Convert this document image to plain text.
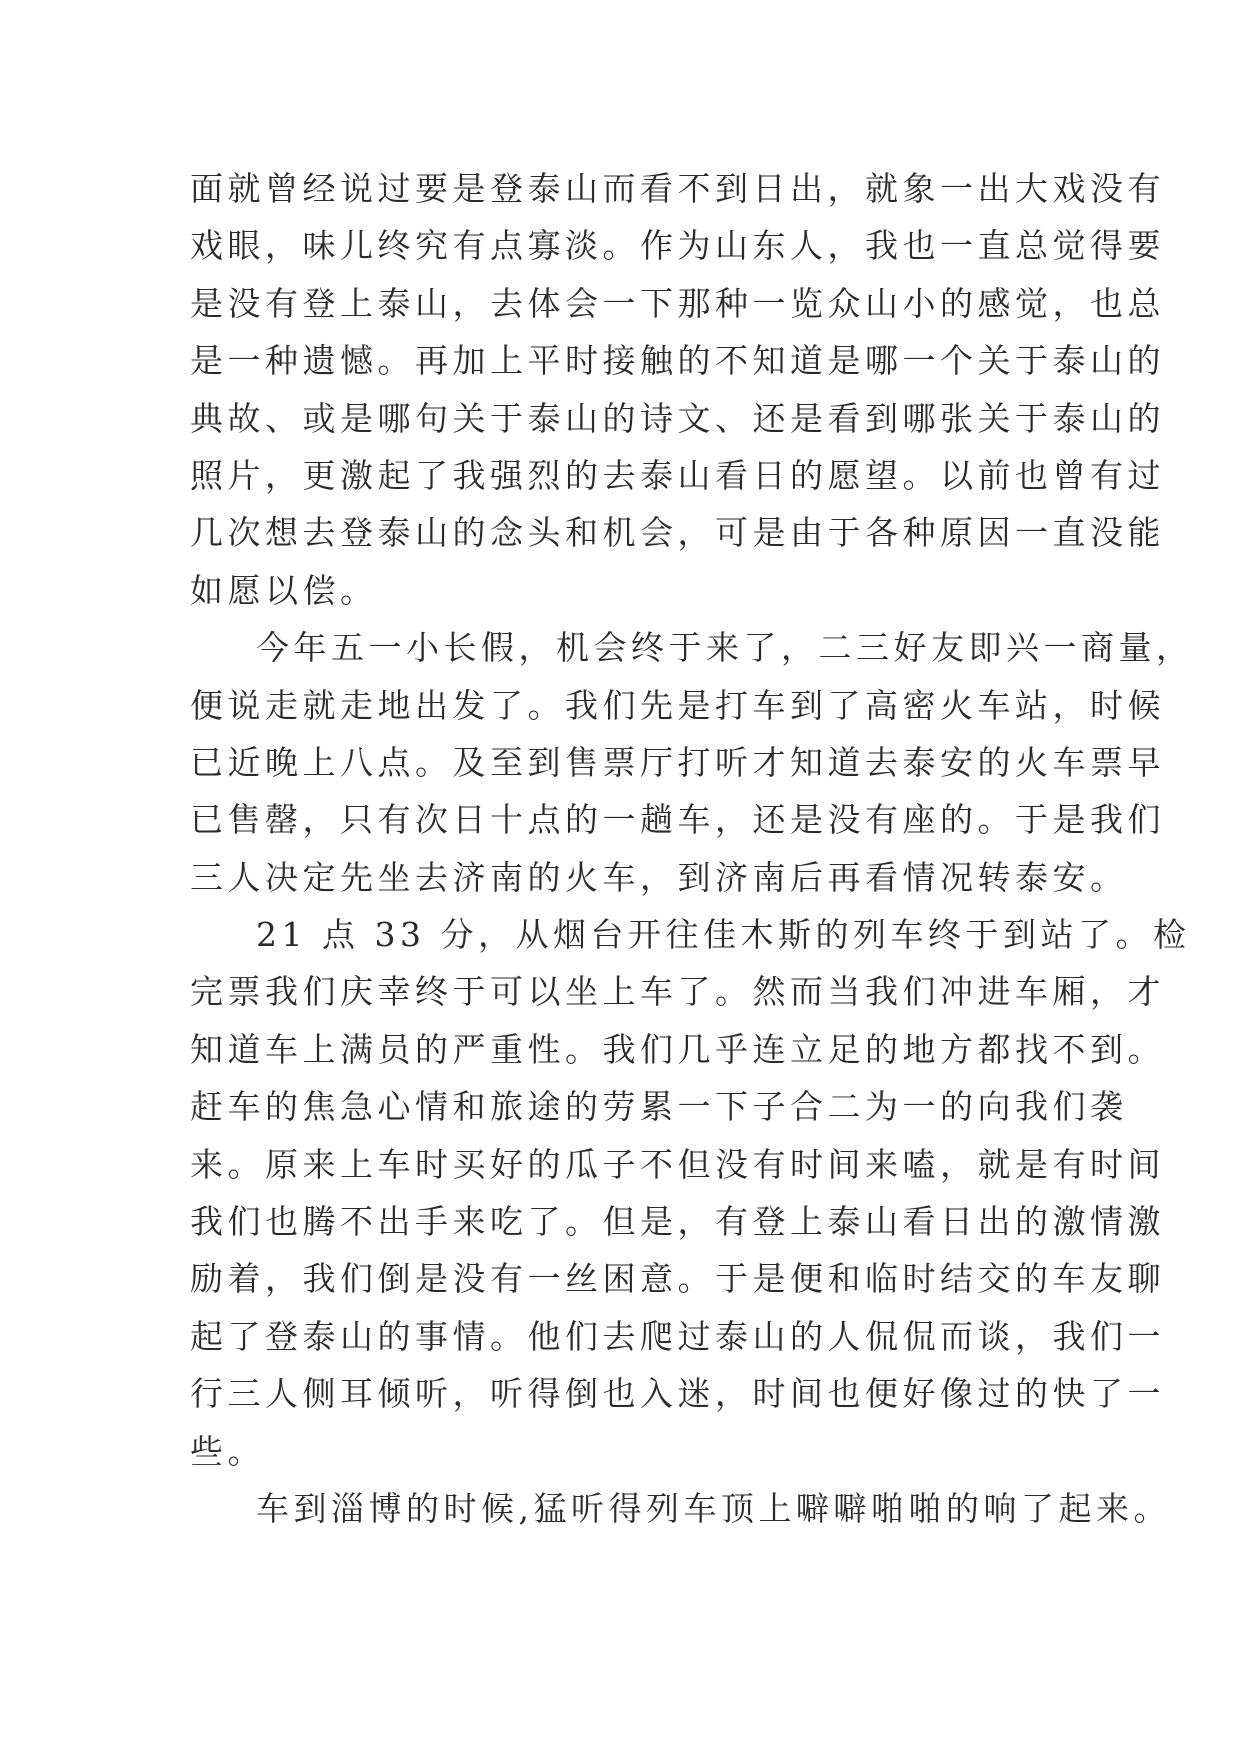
面就曾经说过要是登泰山而看不到日出，就象一出大戏没有
戏眼，味儿终究有点寡淡。作为山东人，我也一直总觉得要
是没有登上泰山，去体会一下那种一览众山小的感觉，也总
是一种遗憾。再加上平时接触的不知道是哪一个关于泰山的
典故、或是哪句关于泰山的诗文、还是看到哪张关于泰山的
照片，更激起了我强烈的去泰山看日的愿望。以前也曾有过
几次想去登泰山的念头和机会，可是由于各种原因一直没能
如愿以偿。
今年五一小长假，机会终于来了，二三好友即兴一商量，
便说走就走地出发了。我们先是打车到了高密火车站，时候
已近晚上八点。及至到售票厅打听才知道去泰安的火车票早
已售罄，只有次日十点的一趟车，还是没有座的。于是我们
三人决定先坐去济南的火车，到济南后再看情况转泰安。
21 点 33 分，从烟台开往佳木斯的列车终于到站了。检
完票我们庆幸终于可以坐上车了。然而当我们冲进车厢，才
知道车上满员的严重性。我们几乎连立足的地方都找不到。
赶车的焦急心情和旅途的劳累一下子合二为一的向我们袭
来。原来上车时买好的瓜子不但没有时间来嗑，就是有时间
我们也腾不出手来吃了。但是，有登上泰山看日出的激情激
励着，我们倒是没有一丝困意。于是便和临时结交的车友聊
起了登泰山的事情。他们去爬过泰山的人侃侃而谈，我们一
行三人侧耳倾听，听得倒也入迷，时间也便好像过的快了一
些。
车到淄博的时候,猛听得列车顶上噼噼啪啪的响了起来。
